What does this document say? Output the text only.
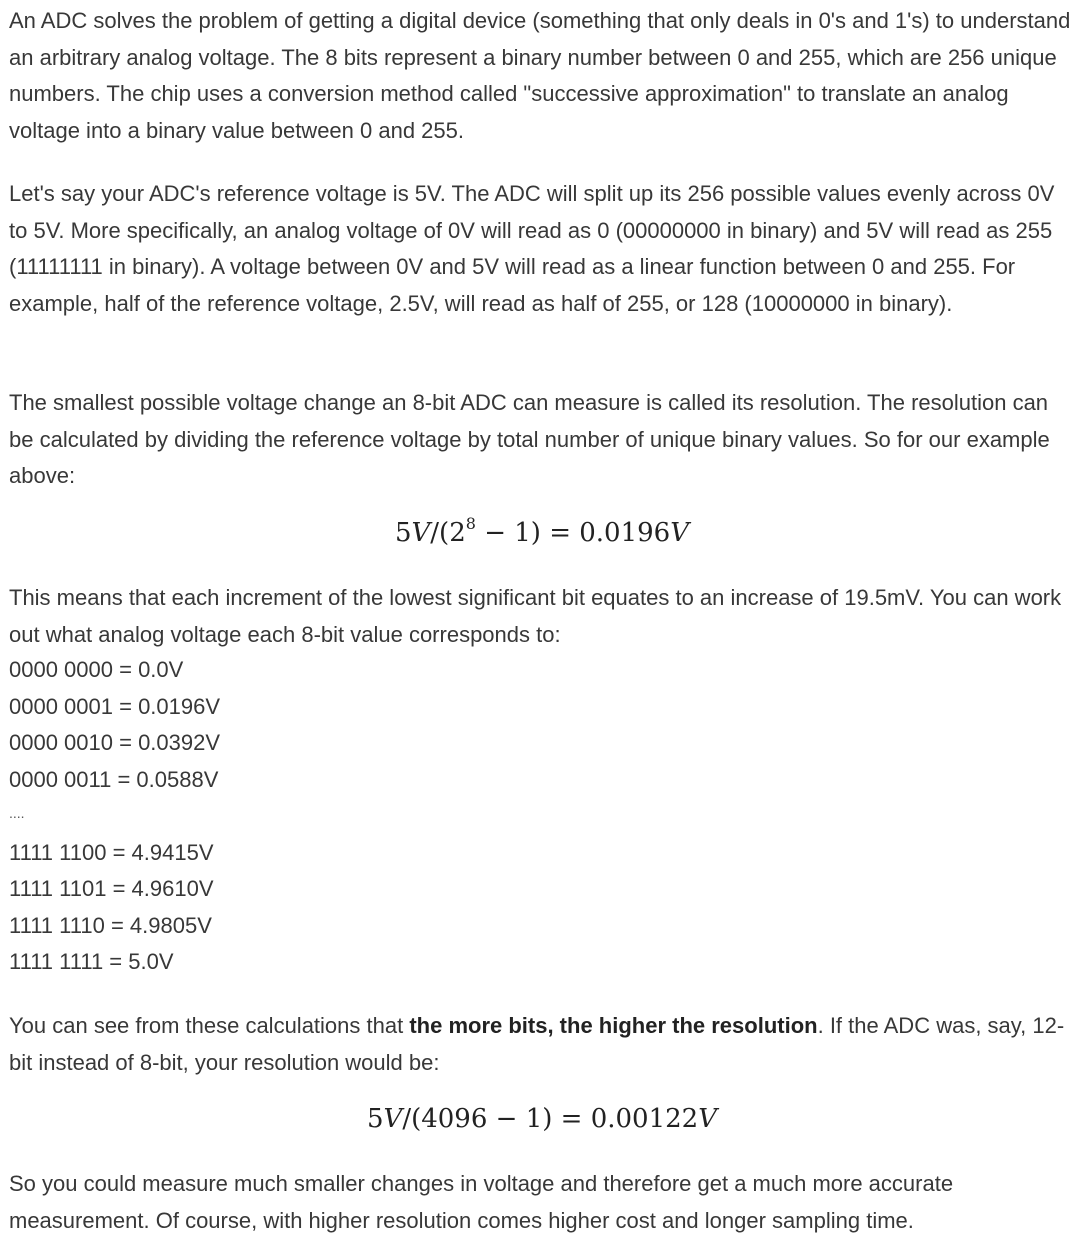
An ADC solves the problem of getting a digital device (something that only deals in 0's and 1's) to understand an arbitrary analog voltage. The 8 bits represent a binary number between 0 and 255, which are 256 unique numbers. The chip uses a conversion method called "successive approximation" to translate an analog voltage into a binary value between 0 and 255.

Let's say your ADC's reference voltage is 5V. The ADC will split up its 256 possible values evenly across 0V to 5V. More specifically, an analog voltage of 0V will read as 0 (00000000 in binary) and 5V will read as 255 (11111111 in binary). A voltage between 0V and 5V will read as a linear function between 0 and 255. For example, half of the reference voltage, 2.5V, will read as half of 255, or 128 (10000000 in binary).

The smallest possible voltage change an 8-bit ADC can measure is called its resolution. The resolution can be calculated by dividing the reference voltage by total number of unique binary values. So for our example above:

$5V/(2^8 - 1) = 0.0196V$

This means that each increment of the lowest significant bit equates to an increase of 19.5mV. You can work out what analog voltage each 8-bit value corresponds to:

0000 0000 = 0.0V
0000 0001 = 0.0196V
0000 0010 = 0.0392V
0000 0011 = 0.0588V
....
1111 1100 = 4.9415V
1111 1101 = 4.9610V
1111 1110 = 4.9805V
1111 1111 = 5.0V

You can see from these calculations that the more bits, the higher the resolution. If the ADC was, say, 12-bit instead of 8-bit, your resolution would be:

5V/(4096 − 1) = 0.00122V

So you could measure much smaller changes in voltage and therefore get a much more accurate measurement. Of course, with higher resolution comes higher cost and longer sampling time.
